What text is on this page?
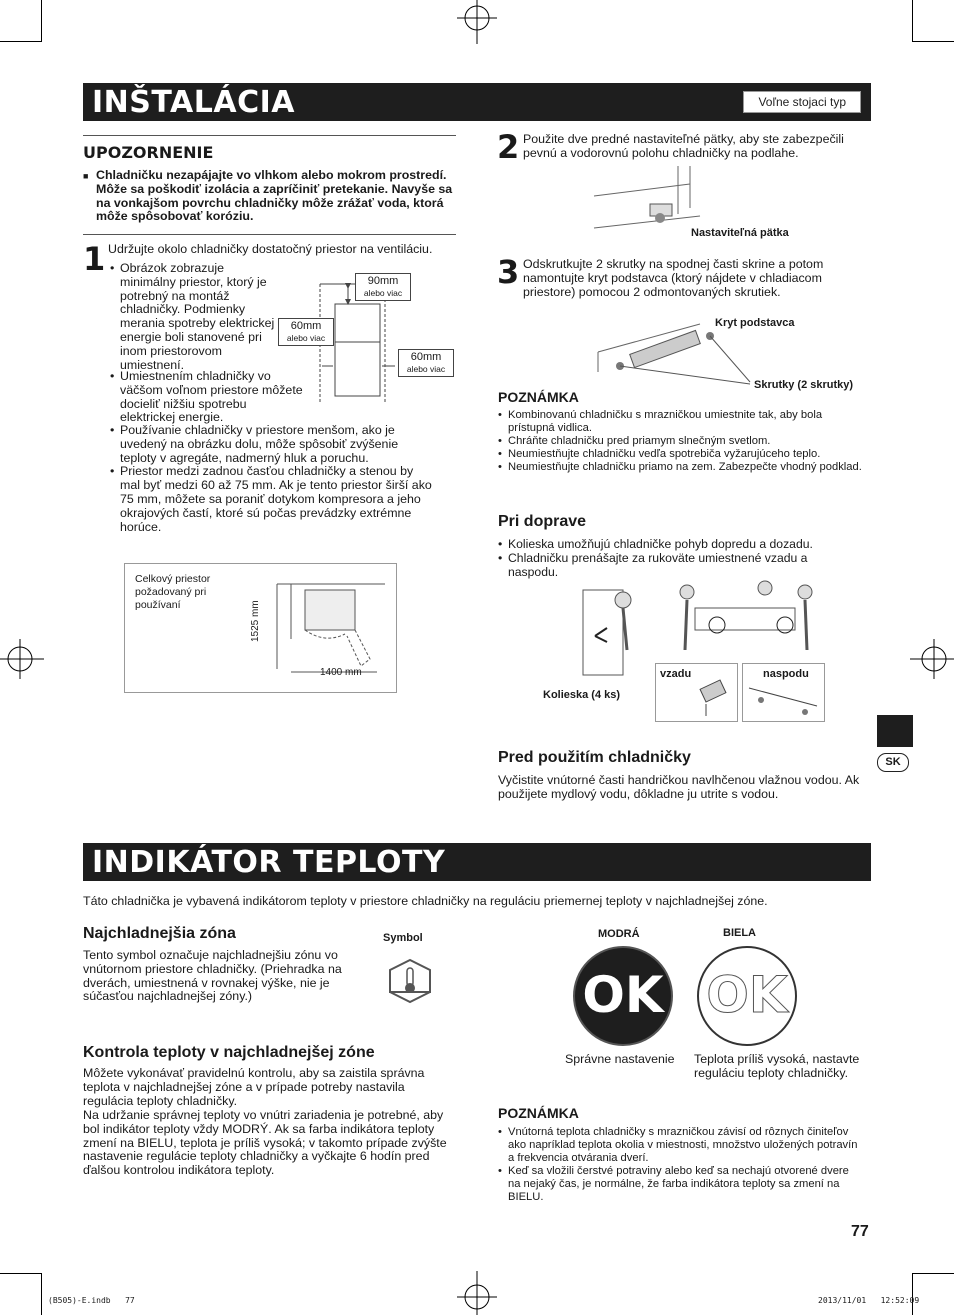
INŠTALÁCIA	Voľne stojaci typ
UPOZORNENIE
■ Chladničku nezapájajte vo vlhkom alebo mokrom prostredí. Môže sa poškodiť izolácia a zapríčiniť pretekanie. Navyše sa na vonkajšom povrchu chladničky môže zrážať voda, ktorá môže spôsobovať koróziu.
1 Udržujte okolo chladničky dostatočný priestor na ventiláciu.
• Obrázok zobrazuje minimálny priestor, ktorý je potrebný na montáž chladničky. Podmienky merania spotreby elektrickej energie boli stanovené pri inom priestorovom umiestnení.
• Umiestnením chladničky vo väčšom voľnom priestore môžete docieliť nižšiu spotrebu elektrickej energie.
• Používanie chladničky v priestore menšom, ako je uvedený na obrázku dolu, môže spôsobiť zvýšenie teploty v agregáte, nadmerný hluk a poruchu.
• Priestor medzi zadnou časťou chladničky a stenou by mal byť medzi 60 až 75 mm. Ak je tento priestor širší ako 75 mm, môžete sa poraniť dotykom kompresora a jeho okrajových častí, ktoré sú počas prevádzky extrémne horúce.
90mm
alebo viac
60mm
alebo viac
60mm
alebo viac
Celkový priestor požadovaný pri používaní	1525 mm
1400 mm
2 Použite dve predné nastaviteľné pätky, aby ste zabezpečili pevnú a vodorovnú polohu chladničky na podlahe.
Nastaviteľná pätka
3 Odskrutkujte 2 skrutky na spodnej časti skrine a potom namontujte kryt podstavca (ktorý nájdete v chladiacom priestore) pomocou 2 odmontovaných skrutiek.
Kryt podstavca
Skrutky (2 skrutky)
POZNÁMKA
• Kombinovanú chladničku s mrazničkou umiestnite tak, aby bola prístupná vidlica.
• Chráňte chladničku pred priamym slnečným svetlom.
• Neumiestňujte chladničku vedľa spotrebiča vyžarujúceho teplo.
• Neumiestňujte chladničku priamo na zem. Zabezpečte vhodný podklad.
Pri doprave
• Kolieska umožňujú chladničke pohyb dopredu a dozadu.
• Chladničku prenášajte za rukoväte umiestnené vzadu a naspodu.
vzadu	naspodu
Kolieska (4 ks)
Pred použitím chladničky
Vyčistite vnútorné časti handričkou navlhčenou vlažnou vodou. Ak použijete mydlový vodu, dôkladne ju utrite s vodou.
SK
INDIKÁTOR TEPLOTY
Táto chladnička je vybavená indikátorom teploty v priestore chladničky na reguláciu priemernej teploty v najchladnejšej zóne.
Najchladnejšia zóna
Tento symbol označuje najchladnejšiu zónu vo vnútornom priestore chladničky. (Priehradka na dverách, umiestnená v rovnakej výške, nie je súčasťou najchladnejšej zóny.)
Symbol
Kontrola teploty v najchladnejšej zóne
Môžete vykonávať pravidelnú kontrolu, aby sa zaistila správna teplota v najchladnejšej zóne a v prípade potreby nastavila regulácia teploty chladničky.
Na udržanie správnej teploty vo vnútri zariadenia je potrebné, aby bol indikátor teploty vždy MODRÝ. Ak sa farba indikátora teploty zmení na BIELU, teplota je príliš vysoká; v takomto prípade zvýšte nastavenie regulácie teploty chladničky a vyčkajte 6 hodín pred ďalšou kontrolou indikátora teploty.
MODRÁ
OK
Správne nastavenie
BIELA
OK
Teplota príliš vysoká, nastavte reguláciu teploty chladničky.
POZNÁMKA
• Vnútorná teplota chladničky s mrazničkou závisí od rôznych činiteľov ako napríklad teplota okolia v miestnosti, množstvo uložených potravín a frekvencia otvárania dverí.
• Keď sa vložili čerstvé potraviny alebo keď sa nechajú otvorené dvere na nejaký čas, je normálne, že farba indikátora teploty sa zmení na BIELU.
77
(B505)-E.indb   77	2013/11/01   12:52:09
